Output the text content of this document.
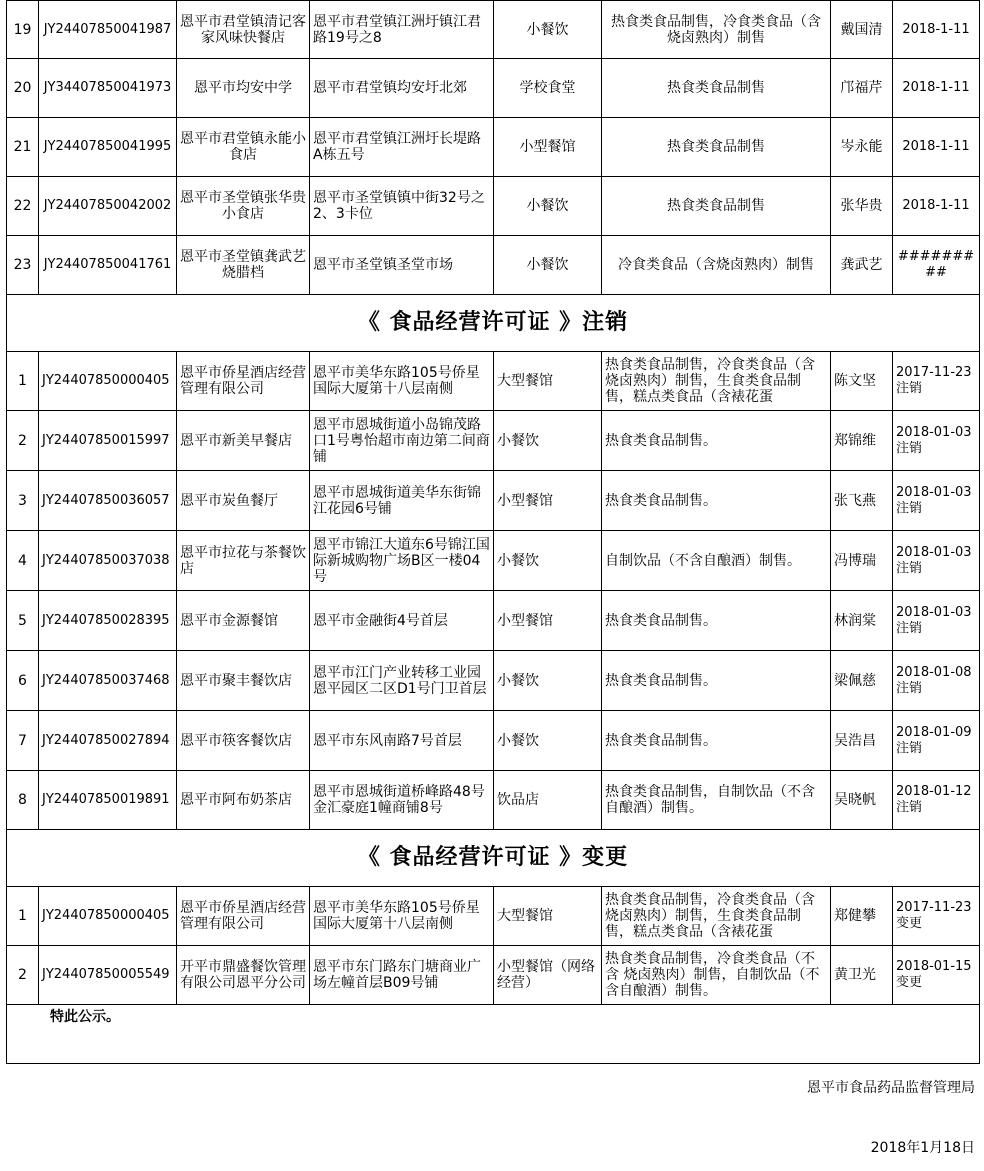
19	JY24407850041987	恩平市君堂镇清记客家风味快餐店	恩平市君堂镇江洲圩镇江君路19号之8	小餐饮	热食类食品制售，冷食类食品（含烧卤熟肉）制售	戴国清	2018-1-11
20	JY34407850041973	恩平市均安中学	恩平市君堂镇均安圩北郊	学校食堂	热食类食品制售	邝福芹	2018-1-11
21	JY24407850041995	恩平市君堂镇永能小食店	恩平市君堂镇江洲圩长堤路A栋五号	小型餐馆	热食类食品制售	岑永能	2018-1-11
22	JY24407850042002	恩平市圣堂镇张华贵小食店	恩平市圣堂镇镇中街32号之2、3卡位	小餐饮	热食类食品制售	张华贵	2018-1-11
23	JY24407850041761	恩平市圣堂镇龚武艺烧腊档	恩平市圣堂镇圣堂市场	小餐饮	冷食类食品（含烧卤熟肉）制售	龚武艺	#########
《 食品经营许可证 》注销							
1	JY24407850000405	恩平市侨星酒店经营管理有限公司	恩平市美华东路105号侨星国际大厦第十八层南侧	大型餐馆	热食类食品制售，冷食类食品（含烧卤熟肉）制售，生食类食品制售，糕点类食品（含裱花蛋	陈文坚	2017-11-23注销
2	JY24407850015997	恩平市新美早餐店	恩平市恩城街道小岛锦茂路口1号粤怡超市南边第二间商铺	小餐饮	热食类食品制售。	郑锦维	2018-01-03注销
3	JY24407850036057	恩平市炭鱼餐厅	恩平市恩城街道美华东街锦江花园6号铺	小型餐馆	热食类食品制售。	张飞燕	2018-01-03注销
4	JY24407850037038	恩平市拉花与茶餐饮店	恩平市锦江大道东6号锦江国际新城购物广场B区一楼04号	小餐饮	自制饮品（不含自酿酒）制售。	冯博瑞	2018-01-03注销
5	JY24407850028395	恩平市金源餐馆	恩平市金融街4号首层	小型餐馆	热食类食品制售。	林润棠	2018-01-03注销
6	JY24407850037468	恩平市聚丰餐饮店	恩平市江门产业转移工业园恩平园区二区D1号门卫首层	小餐饮	热食类食品制售。	梁佩慈	2018-01-08注销
7	JY24407850027894	恩平市筷客餐饮店	恩平市东风南路7号首层	小餐饮	热食类食品制售。	吴浩昌	2018-01-09注销
8	JY24407850019891	恩平市阿布奶茶店	恩平市恩城街道桥峰路48号金汇豪庭1幢商铺8号	饮品店	热食类食品制售，自制饮品（不含自酿酒）制售。	吴晓帆	2018-01-12注销
《 食品经营许可证 》变更							
1	JY24407850000405	恩平市侨星酒店经营管理有限公司	恩平市美华东路105号侨星国际大厦第十八层南侧	大型餐馆	热食类食品制售，冷食类食品（含烧卤熟肉）制售，生食类食品制售，糕点类食品（含裱花蛋	郑健攀	2017-11-23变更
2	JY24407850005549	开平市鼎盛餐饮管理有限公司恩平分公司	恩平市东门路东门塘商业广场左幢首层B09号铺	小型餐馆（网络经营）	热食类食品制售，冷食类食品（不含 烧卤熟肉）制售，自制饮品（不含自酿酒）制售。	黄卫光	2018-01-15变更

特此公示。							
恩平市食品药品监督管理局
2018年1月18日
